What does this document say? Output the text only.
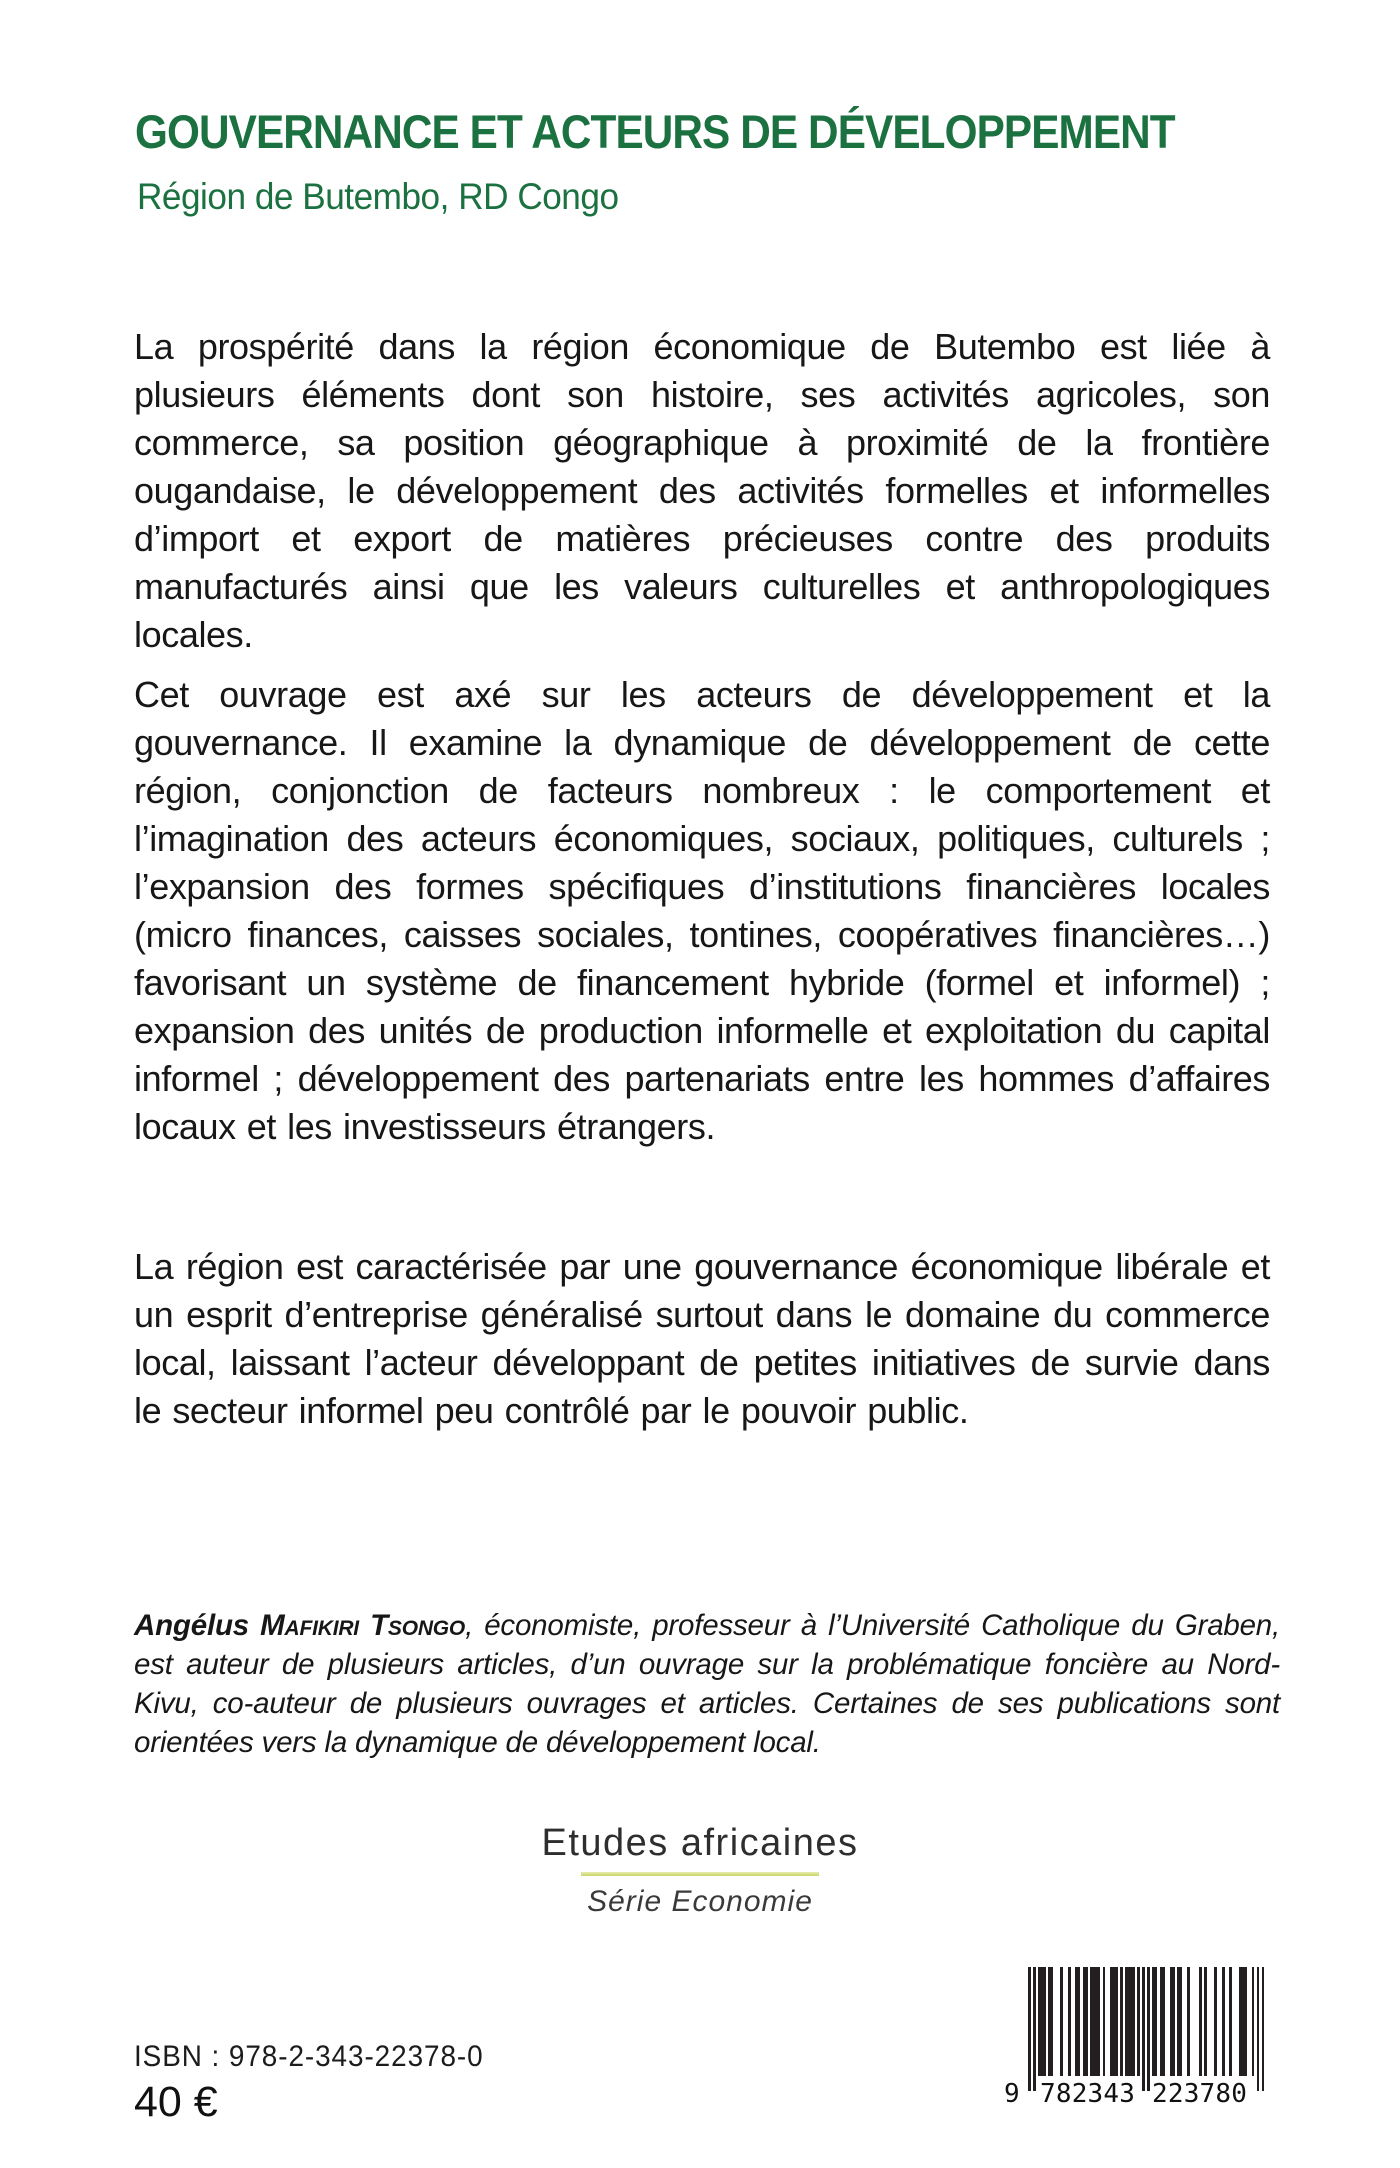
GOUVERNANCE ET ACTEURS DE DÉVELOPPEMENT
Région de Butembo, RD Congo

La prospérité dans la région économique de Butembo est liée à plusieurs éléments dont son histoire, ses activités agricoles, son commerce, sa position géographique à proximité de la frontière ougandaise, le développement des activités formelles et informelles d’import et export de matières précieuses contre des produits manufacturés ainsi que les valeurs culturelles et anthropologiques locales.

Cet ouvrage est axé sur les acteurs de développement et la gouvernance. Il examine la dynamique de développement de cette région, conjonction de facteurs nombreux : le comportement et l’imagination des acteurs économiques, sociaux, politiques, culturels ; l’expansion des formes spécifiques d’institutions financières locales (micro finances, caisses sociales, tontines, coopératives financières…) favorisant un système de financement hybride (formel et informel) ; expansion des unités de production informelle et exploitation du capital informel ; développement des partenariats entre les hommes d’affaires locaux et les investisseurs étrangers.

La région est caractérisée par une gouvernance économique libérale et un esprit d’entreprise généralisé surtout dans le domaine du commerce local, laissant l’acteur développant de petites initiatives de survie dans le secteur informel peu contrôlé par le pouvoir public.

Angélus Mafikiri Tsongo, économiste, professeur à l’Université Catholique du Graben, est auteur de plusieurs articles, d’un ouvrage sur la problématique foncière au Nord-Kivu, co-auteur de plusieurs ouvrages et articles. Certaines de ses publications sont orientées vers la dynamique de développement local.

Etudes africaines
Série Economie
ISBN : 978-2-343-22378-0
40 €	9 782343 223780
